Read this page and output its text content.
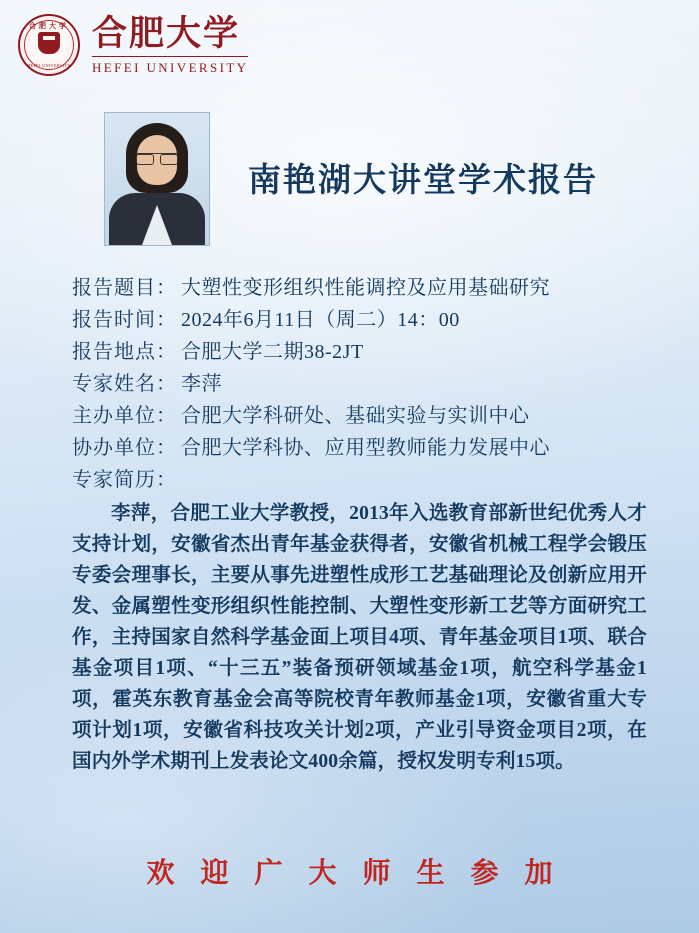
合肥大学
HEFEI UNIVERSITY
合肥大学
HEFEI UNIVERSITY
南艳湖大讲堂学术报告
报告题目： 大塑性变形组织性能调控及应用基础研究
报告时间： 2024年6月11日（周二）14：00
报告地点： 合肥大学二期38-2JT
专家姓名： 李萍
主办单位： 合肥大学科研处、基础实验与实训中心
协办单位： 合肥大学科协、应用型教师能力发展中心
专家简历：
李萍，合肥工业大学教授，2013年入选教育部新世纪优秀人才支持计划，安徽省杰出青年基金获得者，安徽省机械工程学会锻压专委会理事长，主要从事先进塑性成形工艺基础理论及创新应用开发、金属塑性变形组织性能控制、大塑性变形新工艺等方面研究工作，主持国家自然科学基金面上项目4项、青年基金项目1项、联合基金项目1项、“十三五”装备预研领域基金1项，航空科学基金1项，霍英东教育基金会高等院校青年教师基金1项，安徽省重大专项计划1项，安徽省科技攻关计划2项，产业引导资金项目2项，在国内外学术期刊上发表论文400余篇，授权发明专利15项。
欢迎广大师生参加
